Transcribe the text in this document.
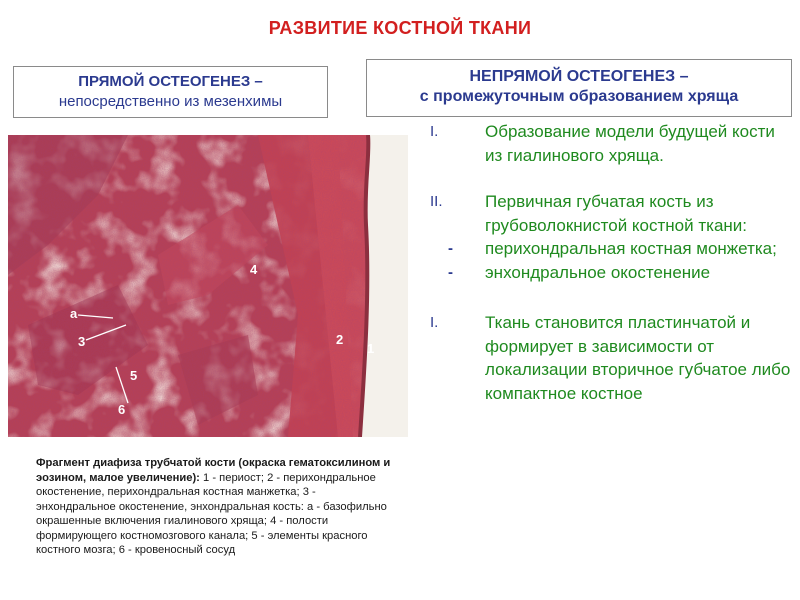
РАЗВИТИЕ КОСТНОЙ ТКАНИ
ПРЯМОЙ ОСТЕОГЕНЕЗ –
непосредственно из мезенхимы
НЕПРЯМОЙ ОСТЕОГЕНЕЗ –
с промежуточным образованием хряща
а
3
4
2
1
5
6
Фрагмент диафиза трубчатой кости (окраска гематоксилином и эозином, малое увеличение): 1 - периост; 2 - перихондральное окостенение, перихондральная костная манжетка; 3 - энхондральное окостенение, энхондральная кость: а - базофильно окрашенные включения гиалинового хряща; 4 - полости формирующего костномозгового канала; 5 - элементы красного костного мозга; 6 - кровеносный сосуд
I.	Образование модели будущей кости из гиалинового хряща.
II.	Первичная губчатая кость из грубоволокнистой костной ткани:
-	перихондральная костная монжетка;
-	энхондральное окостенение
I.	Ткань становится пластинчатой и формирует в зависимости от локализации вторичное губчатое либо компактное костное
